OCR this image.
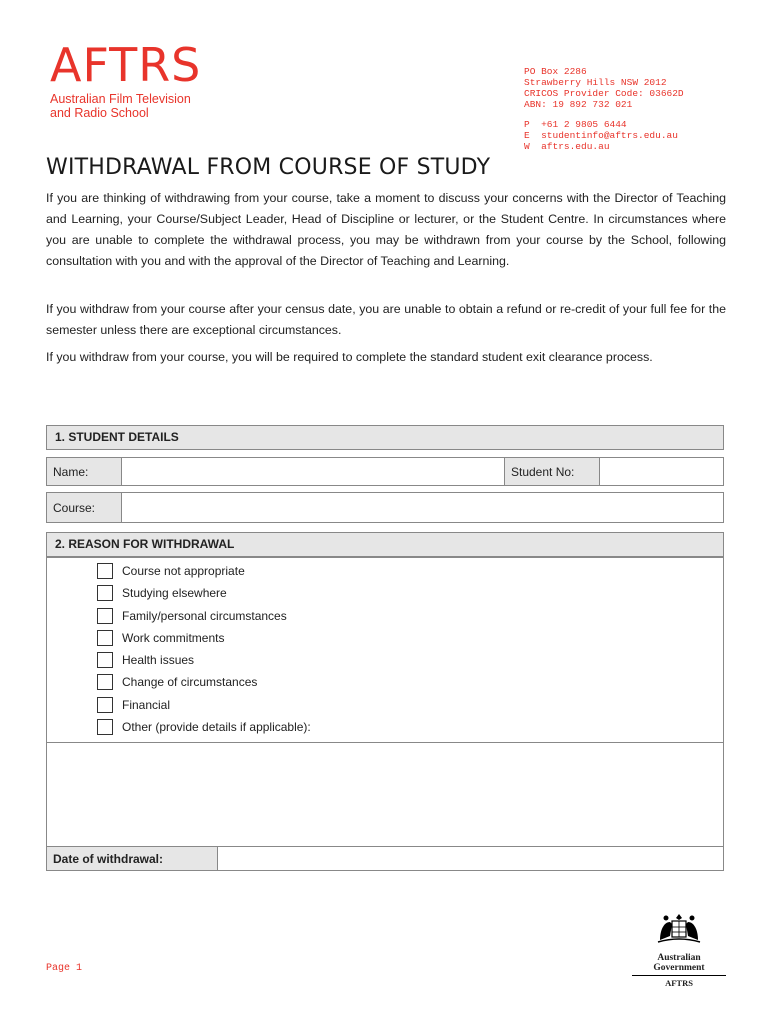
AFTRS
Australian Film Television
and Radio School
PO Box 2286
Strawberry Hills NSW 2012
CRICOS Provider Code: 03662D
ABN: 19 892 732 021
P  +61 2 9805 6444
E  studentinfo@aftrs.edu.au
W  aftrs.edu.au
WITHDRAWAL FROM COURSE OF STUDY
If you are thinking of withdrawing from your course, take a moment to discuss your concerns with the Director of Teaching and Learning, your Course/Subject Leader, Head of Discipline or lecturer, or the Student Centre. In circumstances where you are unable to complete the withdrawal process, you may be withdrawn from your course by the School, following consultation with you and with the approval of the Director of Teaching and Learning.
If you withdraw from your course after your census date, you are unable to obtain a refund or re-credit of your full fee for the semester unless there are exceptional circumstances.
If you withdraw from your course, you will be required to complete the standard student exit clearance process.
1. STUDENT DETAILS
Name:	Student No:
Course:
2. REASON FOR WITHDRAWAL
Course not appropriate
Studying elsewhere
Family/personal circumstances
Work commitments
Health issues
Change of circumstances
Financial
Other (provide details if applicable):
Date of withdrawal:
Page 1
Australian Government
AFTRS
